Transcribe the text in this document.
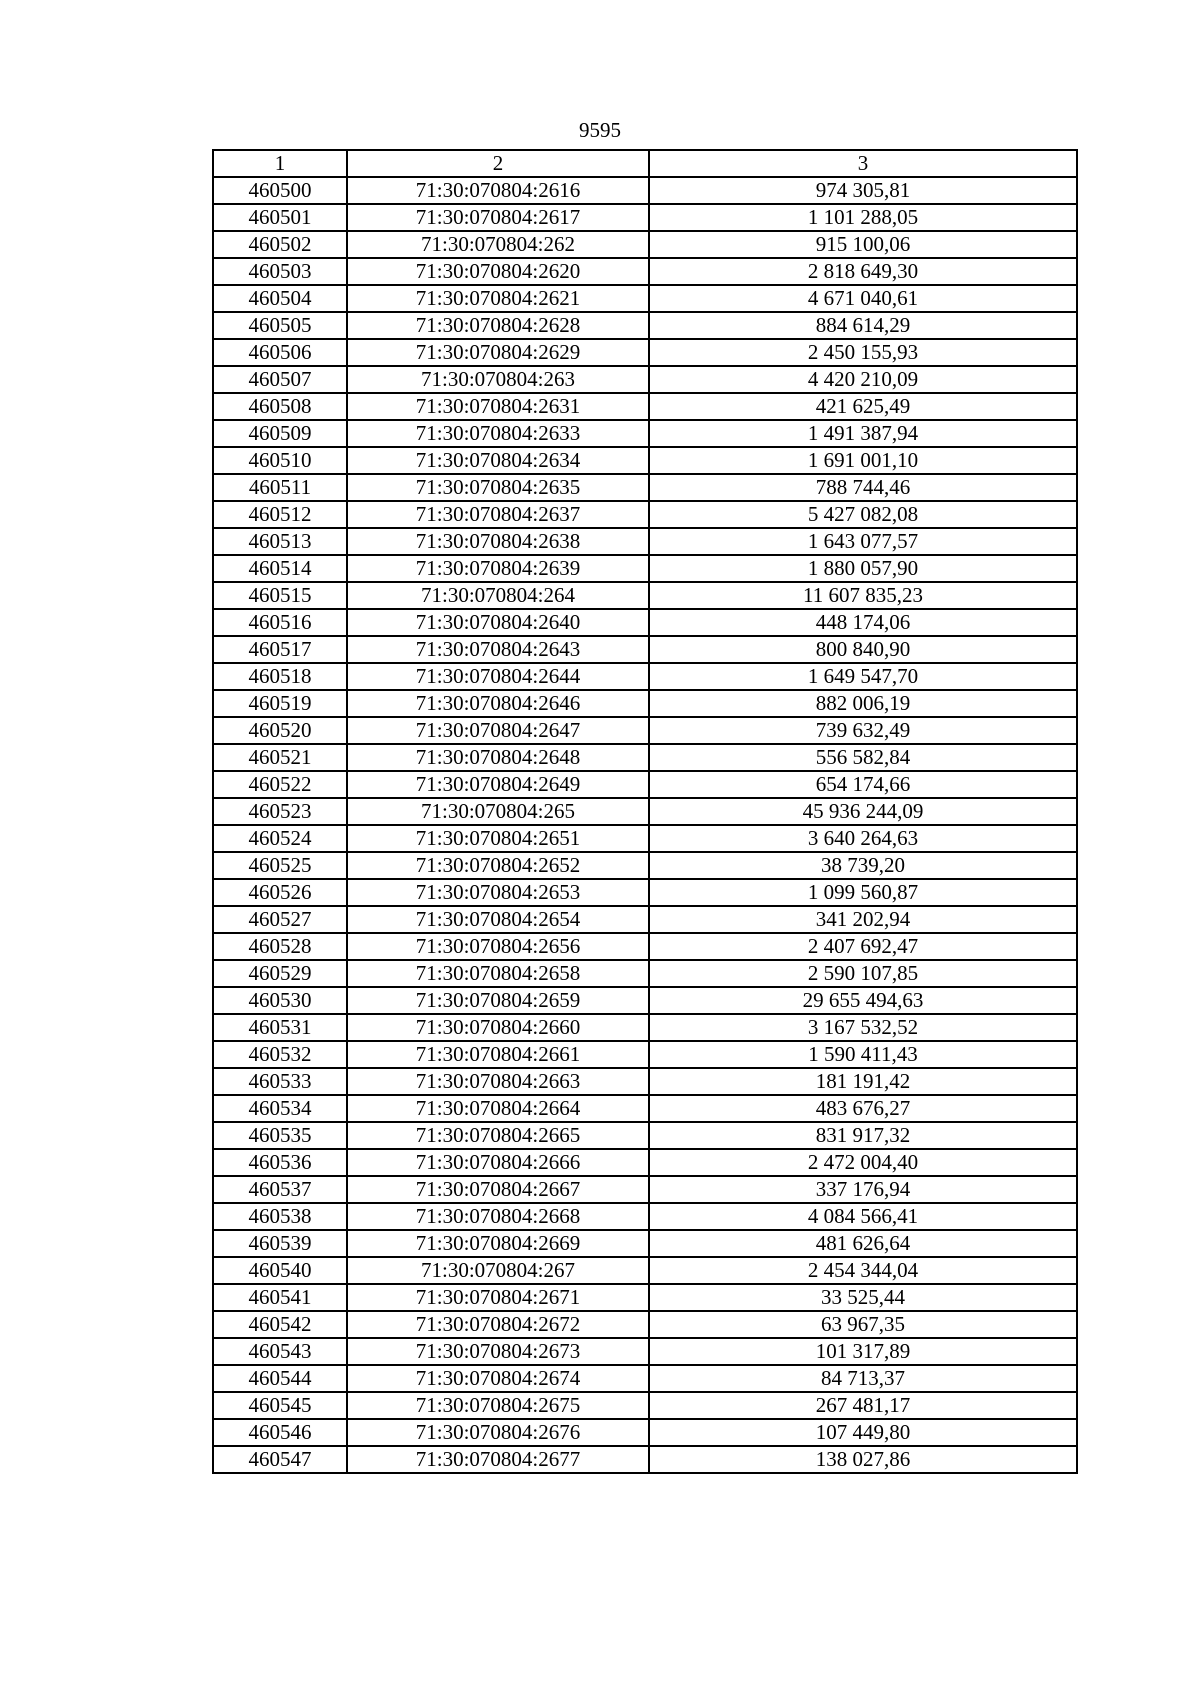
9595
1	2	3
460500	71:30:070804:2616	974 305,81
460501	71:30:070804:2617	1 101 288,05
460502	71:30:070804:262	915 100,06
460503	71:30:070804:2620	2 818 649,30
460504	71:30:070804:2621	4 671 040,61
460505	71:30:070804:2628	884 614,29
460506	71:30:070804:2629	2 450 155,93
460507	71:30:070804:263	4 420 210,09
460508	71:30:070804:2631	421 625,49
460509	71:30:070804:2633	1 491 387,94
460510	71:30:070804:2634	1 691 001,10
460511	71:30:070804:2635	788 744,46
460512	71:30:070804:2637	5 427 082,08
460513	71:30:070804:2638	1 643 077,57
460514	71:30:070804:2639	1 880 057,90
460515	71:30:070804:264	11 607 835,23
460516	71:30:070804:2640	448 174,06
460517	71:30:070804:2643	800 840,90
460518	71:30:070804:2644	1 649 547,70
460519	71:30:070804:2646	882 006,19
460520	71:30:070804:2647	739 632,49
460521	71:30:070804:2648	556 582,84
460522	71:30:070804:2649	654 174,66
460523	71:30:070804:265	45 936 244,09
460524	71:30:070804:2651	3 640 264,63
460525	71:30:070804:2652	38 739,20
460526	71:30:070804:2653	1 099 560,87
460527	71:30:070804:2654	341 202,94
460528	71:30:070804:2656	2 407 692,47
460529	71:30:070804:2658	2 590 107,85
460530	71:30:070804:2659	29 655 494,63
460531	71:30:070804:2660	3 167 532,52
460532	71:30:070804:2661	1 590 411,43
460533	71:30:070804:2663	181 191,42
460534	71:30:070804:2664	483 676,27
460535	71:30:070804:2665	831 917,32
460536	71:30:070804:2666	2 472 004,40
460537	71:30:070804:2667	337 176,94
460538	71:30:070804:2668	4 084 566,41
460539	71:30:070804:2669	481 626,64
460540	71:30:070804:267	2 454 344,04
460541	71:30:070804:2671	33 525,44
460542	71:30:070804:2672	63 967,35
460543	71:30:070804:2673	101 317,89
460544	71:30:070804:2674	84 713,37
460545	71:30:070804:2675	267 481,17
460546	71:30:070804:2676	107 449,80
460547	71:30:070804:2677	138 027,86
